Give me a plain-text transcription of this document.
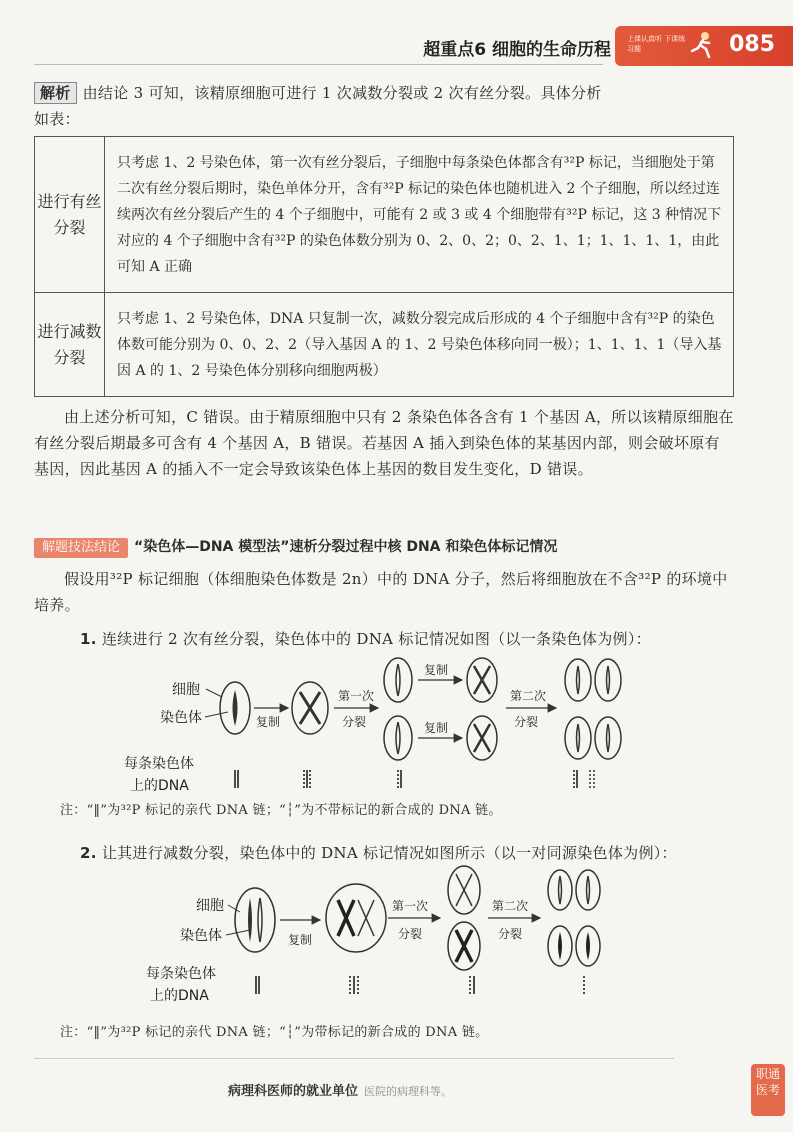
超重点6 细胞的生命历程
上课认真听 下课练习题	085
解析 由结论 3 可知，该精原细胞可进行 1 次减数分裂或 2 次有丝分裂。具体分析
如表：
进行有丝分裂	只考虑 1、2 号染色体，第一次有丝分裂后，子细胞中每条染色体都含有³²P 标记，当细胞处于第二次有丝分裂后期时，染色单体分开，含有³²P 标记的染色体也随机进入 2 个子细胞，所以经过连续两次有丝分裂后产生的 4 个子细胞中，可能有 2 或 3 或 4 个细胞带有³²P 标记，这 3 种情况下对应的 4 个子细胞中含有³²P 的染色体数分别为 0、2、0、2；0、2、1、1；1、1、1、1，由此可知 A 正确
进行减数分裂	只考虑 1、2 号染色体，DNA 只复制一次，减数分裂完成后形成的 4 个子细胞中含有³²P 的染色体数可能分别为 0、0、2、2（导入基因 A 的 1、2 号染色体移向同一极）；1、1、1、1（导入基因 A 的 1、2 号染色体分别移向细胞两极）
由上述分析可知，C 错误。由于精原细胞中只有 2 条染色体各含有 1 个基因 A，所以该精原细胞在有丝分裂后期最多可含有 4 个基因 A，B 错误。若基因 A 插入到染色体的某基因内部，则会破坏原有基因，因此基因 A 的插入不一定会导致该染色体上基因的数目发生变化，D 错误。
解题技法结论 “染色体—DNA 模型法”速析分裂过程中核 DNA 和染色体标记情况
假设用³²P 标记细胞（体细胞染色体数是 2n）中的 DNA 分子，然后将细胞放在不含³²P 的环境中培养。
1. 连续进行 2 次有丝分裂，染色体中的 DNA 标记情况如图（以一条染色体为例）：
细胞
染色体	复制
第一次
分裂
复制
复制
第二次
分裂
每条染色体
上的DNA
细胞
染色体	复制
第一次
分裂
第二次
分裂
每条染色体
上的DNA
注：“‖”为³²P 标记的亲代 DNA 链；“┆”为不带标记的新合成的 DNA 链。
2. 让其进行减数分裂，染色体中的 DNA 标记情况如图所示（以一对同源染色体为例）：
注：“‖”为³²P 标记的亲代 DNA 链；“┆”为带标记的新合成的 DNA 链。
病理科医师的就业单位 医院的病理科等。
职通医考
